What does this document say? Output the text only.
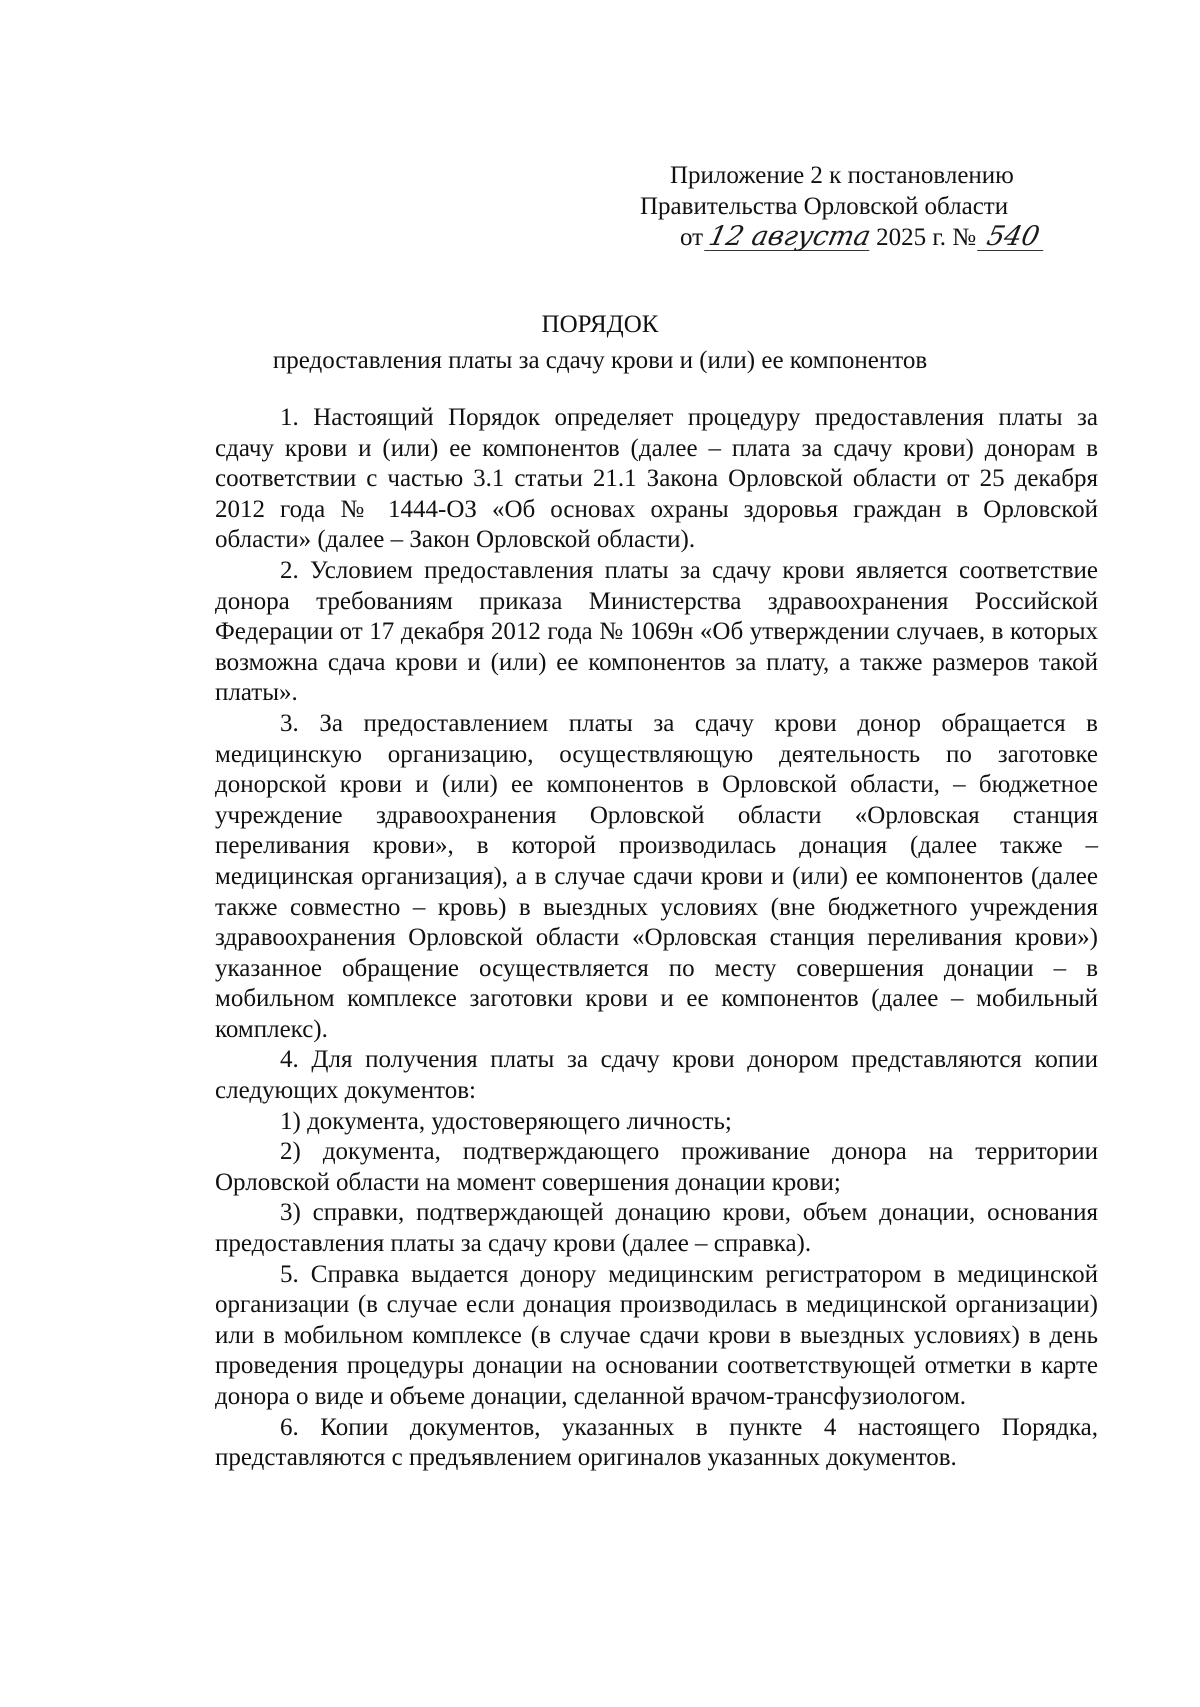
Приложение 2 к постановлению
Правительства Орловской области
от 12 августа 2025 г. № 540
ПОРЯДОК
предоставления платы за сдачу крови и (или) ее компонентов

1. Настоящий Порядок определяет процедуру предоставления платы за сдачу крови и (или) ее компонентов (далее – плата за сдачу крови) донорам в соответствии с частью 3.1 статьи 21.1 Закона Орловской области от 25 декабря 2012 года № 1444-ОЗ «Об основах охраны здоровья граждан в Орловской области» (далее – Закон Орловской области).

2. Условием предоставления платы за сдачу крови является соответствие донора требованиям приказа Министерства здравоохранения Российской Федерации от 17 декабря 2012 года № 1069н «Об утверждении случаев, в которых возможна сдача крови и (или) ее компонентов за плату, а также размеров такой платы».

3. За предоставлением платы за сдачу крови донор обращается в медицинскую организацию, осуществляющую деятельность по заготовке донорской крови и (или) ее компонентов в Орловской области, – бюджетное учреждение здравоохранения Орловской области «Орловская станция переливания крови», в которой производилась донация (далее также – медицинская организация), а в случае сдачи крови и (или) ее компонентов (далее также совместно – кровь) в выездных условиях (вне бюджетного учреждения здравоохранения Орловской области «Орловская станция переливания крови») указанное обращение осуществляется по месту совершения донации – в мобильном комплексе заготовки крови и ее компонентов (далее – мобильный комплекс).

4. Для получения платы за сдачу крови донором представляются копии следующих документов:

1) документа, удостоверяющего личность;

2) документа, подтверждающего проживание донора на территории Орловской области на момент совершения донации крови;

3) справки, подтверждающей донацию крови, объем донации, основания предоставления платы за сдачу крови (далее – справка).

5. Справка выдается донору медицинским регистратором в медицинской организации (в случае если донация производилась в медицинской организации) или в мобильном комплексе (в случае сдачи крови в выездных условиях) в день проведения процедуры донации на основании соответствующей отметки в карте донора о виде и объеме донации, сделанной врачом-трансфузиологом.

6. Копии документов, указанных в пункте 4 настоящего Порядка, представляются с предъявлением оригиналов указанных документов.
